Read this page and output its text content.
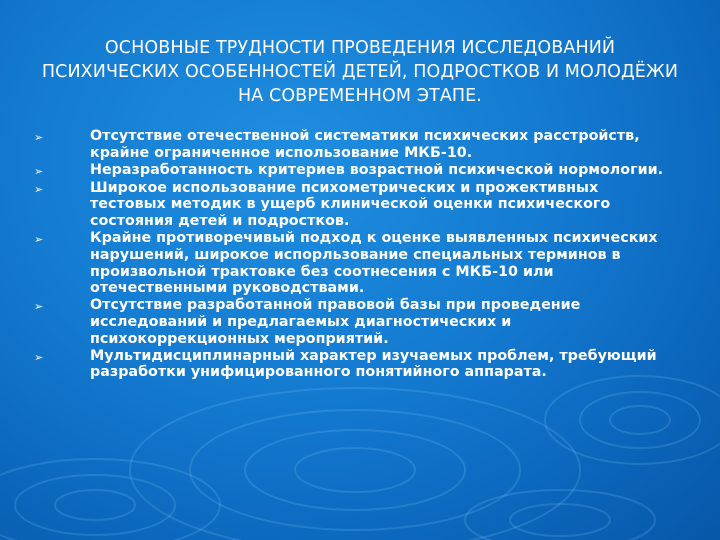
ОСНОВНЫЕ ТРУДНОСТИ ПРОВЕДЕНИЯ ИССЛЕДОВАНИЙ ПСИХИЧЕСКИХ ОСОБЕННОСТЕЙ ДЕТЕЙ, ПОДРОСТКОВ И МОЛОДЁЖИ НА СОВРЕМЕННОМ ЭТАПЕ.
➢	Отсутствие отечественной систематики психических расстройств, крайне ограниченное использование МКБ-10.
➢	Неразработанность критериев возрастной психической нормологии.
➢	Широкое использование психометрических и прожективных тестовых методик в ущерб клинической оценки психического состояния детей и подростков.
➢	Крайне противоречивый подход к оценке выявленных психических нарушений, широкое испорльзование специальных терминов в произвольной трактовке без соотнесения с МКБ-10 или отечественными руководствами.
➢	Отсутствие разработанной правовой базы при проведение исследований и предлагаемых диагностических и психокоррекционных мероприятий.
➢	Мультидисциплинарный характер изучаемых проблем, требующий разработки унифицированного понятийного аппарата.
